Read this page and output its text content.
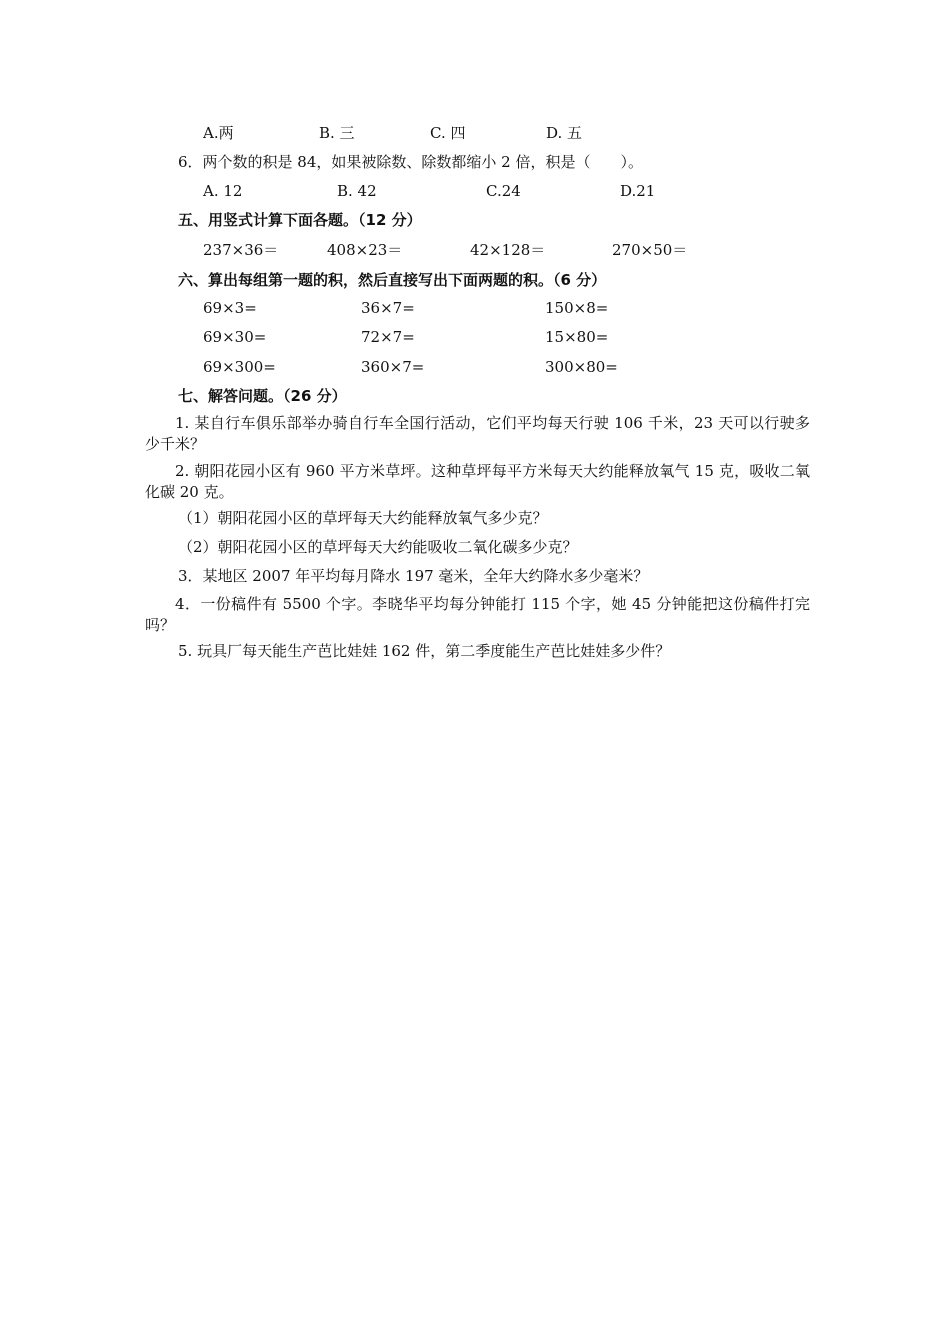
A.两	B. 三	C. 四	D. 五
6．两个数的积是 84，如果被除数、除数都缩小 2 倍，积是（　　）。
A. 12	B. 42	C.24	D.21
五、用竖式计算下面各题。（12 分）
237×36＝	408×23＝	42×128＝	270×50＝
六、算出每组第一题的积，然后直接写出下面两题的积。（6 分）
69×3=	36×7=	150×8=
69×30=	72×7=	15×80=
69×300=	360×7=	300×80=
七、解答问题。（26 分）
1. 某自行车俱乐部举办骑自行车全国行活动，它们平均每天行驶 106 千米，23 天可以行驶多少千米？
2. 朝阳花园小区有 960 平方米草坪。这种草坪每平方米每天大约能释放氧气 15 克，吸收二氧化碳 20 克。
（1）朝阳花园小区的草坪每天大约能释放氧气多少克？
（2）朝阳花园小区的草坪每天大约能吸收二氧化碳多少克？
3．某地区 2007 年平均每月降水 197 毫米，全年大约降水多少毫米？
4．一份稿件有 5500 个字。李晓华平均每分钟能打 115 个字，她 45 分钟能把这份稿件打完吗？
5. 玩具厂每天能生产芭比娃娃 162 件，第二季度能生产芭比娃娃多少件？
